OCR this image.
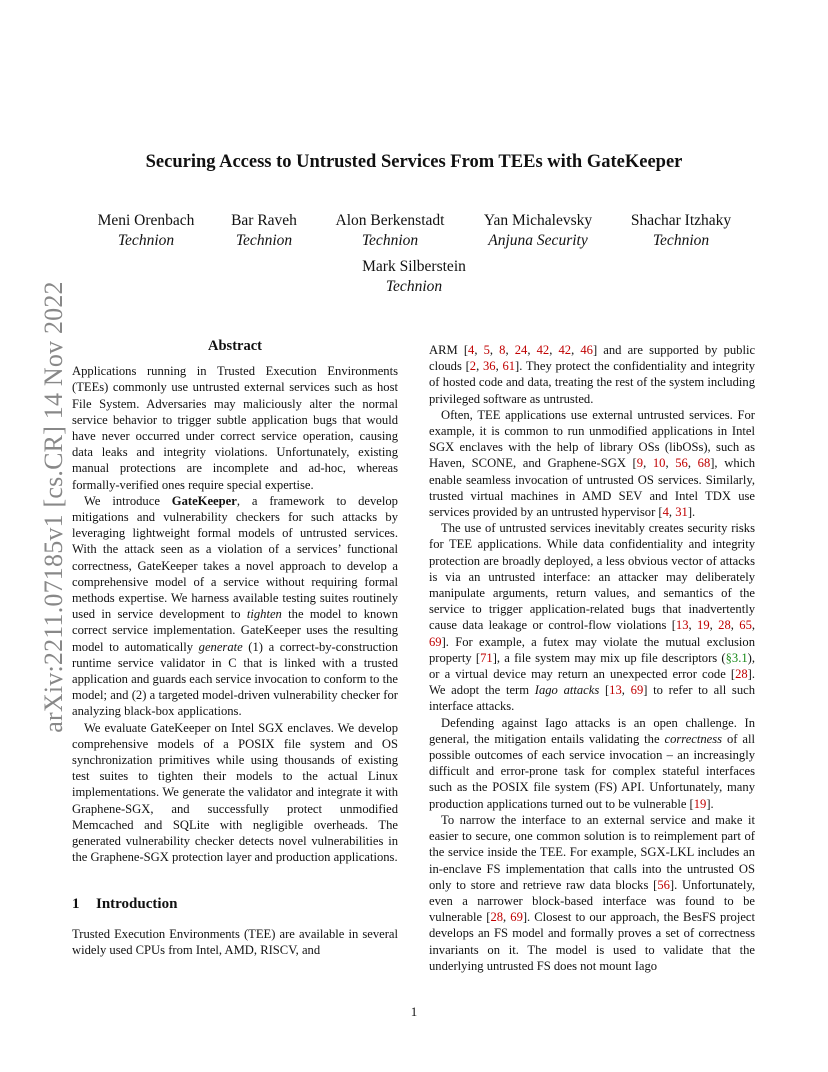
arXiv:2211.07185v1 [cs.CR] 14 Nov 2022
Securing Access to Untrusted Services From TEEs with GateKeeper
Meni Orenbach
Technion
Bar Raveh
Technion
Alon Berkenstadt
Technion
Yan Michalevsky
Anjuna Security
Shachar Itzhaky
Technion
Mark Silberstein
Technion
Abstract

Applications running in Trusted Execution Environments (TEEs) commonly use untrusted external services such as host File System. Adversaries may maliciously alter the normal service behavior to trigger subtle application bugs that would have never occurred under correct service operation, causing data leaks and integrity violations. Unfortunately, existing manual protections are incomplete and ad-hoc, whereas formally-verified ones require special expertise.

We introduce GateKeeper, a framework to develop mitigations and vulnerability checkers for such attacks by leveraging lightweight formal models of untrusted services. With the attack seen as a violation of a services’ functional correctness, GateKeeper takes a novel approach to develop a comprehensive model of a service without requiring formal methods expertise. We harness available testing suites routinely used in service development to tighten the model to known correct service implementation. GateKeeper uses the resulting model to automatically generate (1) a correct-by-construction runtime service validator in C that is linked with a trusted application and guards each service invocation to conform to the model; and (2) a targeted model-driven vulnerability checker for analyzing black-box applications.

We evaluate GateKeeper on Intel SGX enclaves. We develop comprehensive models of a POSIX file system and OS synchronization primitives while using thousands of existing test suites to tighten their models to the actual Linux implementations. We generate the validator and integrate it with Graphene-SGX, and successfully protect unmodified Memcached and SQLite with negligible overheads. The generated vulnerability checker detects novel vulnerabilities in the Graphene-SGX protection layer and production applications.

1 Introduction

Trusted Execution Environments (TEE) are available in several widely used CPUs from Intel, AMD, RISCV, and

ARM [4, 5, 8, 24, 42, 42, 46] and are supported by public clouds [2, 36, 61]. They protect the confidentiality and integrity of hosted code and data, treating the rest of the system including privileged software as untrusted.

Often, TEE applications use external untrusted services. For example, it is common to run unmodified applications in Intel SGX enclaves with the help of library OSs (libOSs), such as Haven, SCONE, and Graphene-SGX [9, 10, 56, 68], which enable seamless invocation of untrusted OS services. Similarly, trusted virtual machines in AMD SEV and Intel TDX use services provided by an untrusted hypervisor [4, 31].

The use of untrusted services inevitably creates security risks for TEE applications. While data confidentiality and integrity protection are broadly deployed, a less obvious vector of attacks is via an untrusted interface: an attacker may deliberately manipulate arguments, return values, and semantics of the service to trigger application-related bugs that inadvertently cause data leakage or control-flow violations [13, 19, 28, 65, 69]. For example, a futex may violate the mutual exclusion property [71], a file system may mix up file descriptors (§3.1), or a virtual device may return an unexpected error code [28]. We adopt the term Iago attacks [13, 69] to refer to all such interface attacks.

Defending against Iago attacks is an open challenge. In general, the mitigation entails validating the correctness of all possible outcomes of each service invocation – an increasingly difficult and error-prone task for complex stateful interfaces such as the POSIX file system (FS) API. Unfortunately, many production applications turned out to be vulnerable [19].

To narrow the interface to an external service and make it easier to secure, one common solution is to reimplement part of the service inside the TEE. For example, SGX-LKL includes an in-enclave FS implementation that calls into the untrusted OS only to store and retrieve raw data blocks [56]. Unfortunately, even a narrower block-based interface was found to be vulnerable [28, 69]. Closest to our approach, the BesFS project develops an FS model and formally proves a set of correctness invariants on it. The model is used to validate that the underlying untrusted FS does not mount Iago

1
